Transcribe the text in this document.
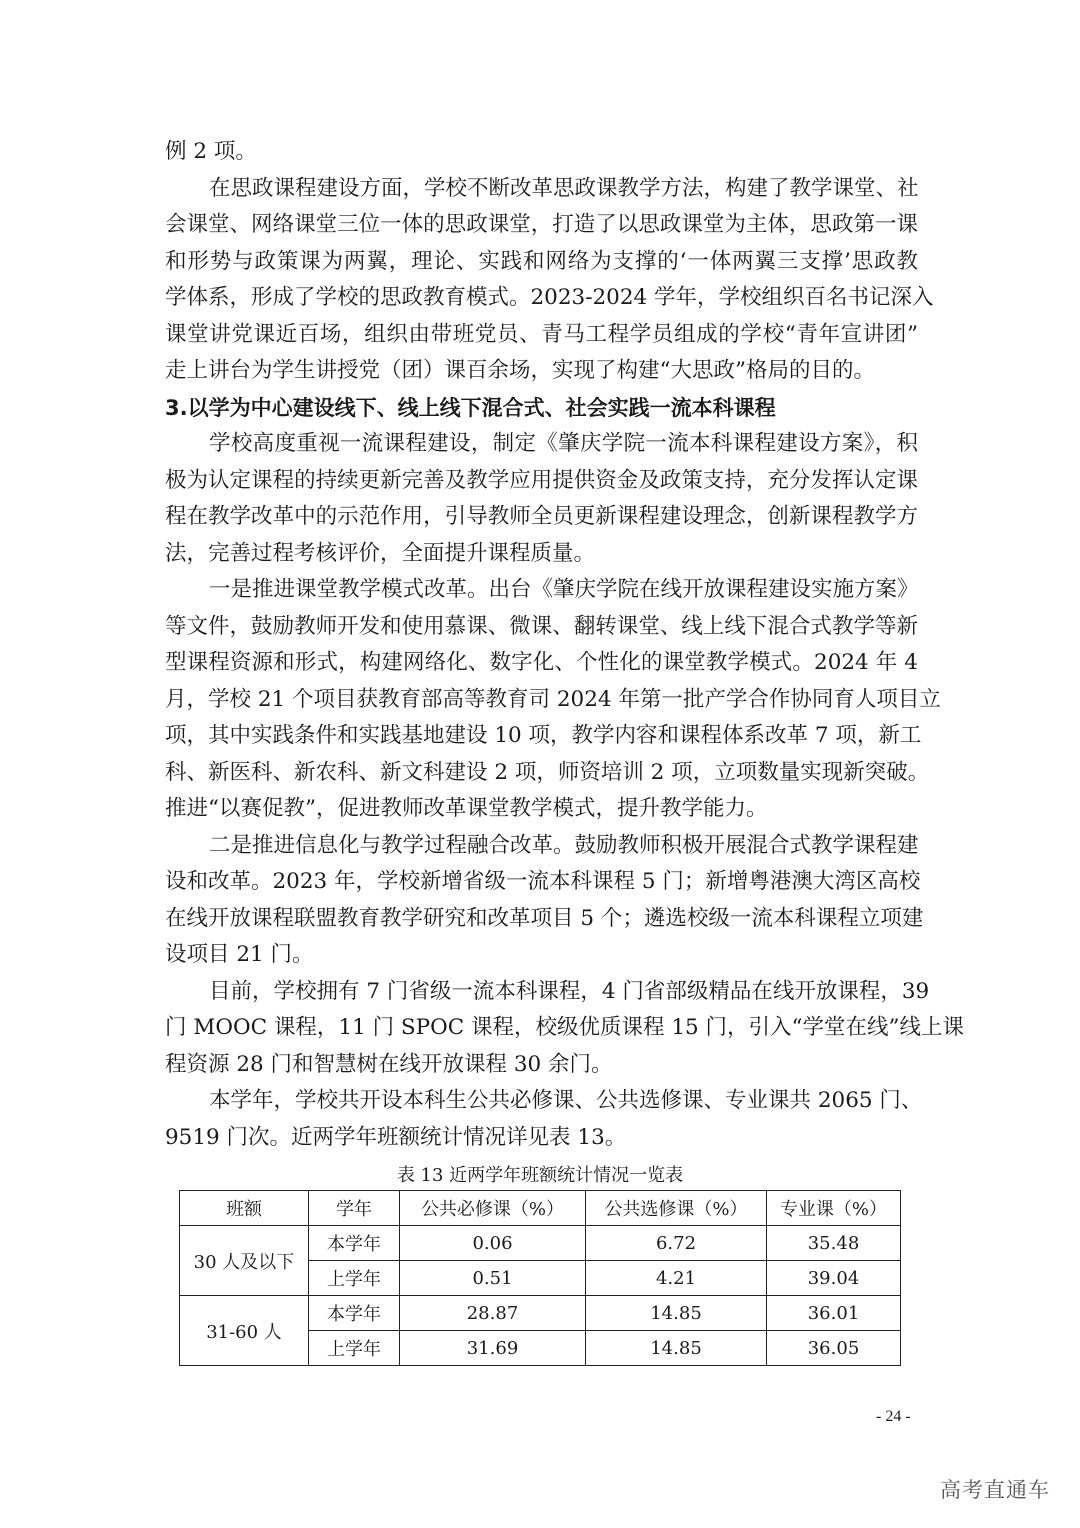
例 2 项。
在思政课程建设方面，学校不断改革思政课教学方法，构建了教学课堂、社
会课堂、网络课堂三位一体的思政课堂，打造了以思政课堂为主体，思政第一课
和形势与政策课为两翼，理论、实践和网络为支撑的‘一体两翼三支撑’思政教
学体系，形成了学校的思政教育模式。2023-2024 学年，学校组织百名书记深入
课堂讲党课近百场，组织由带班党员、青马工程学员组成的学校“青年宣讲团”
走上讲台为学生讲授党（团）课百余场，实现了构建“大思政”格局的目的。
3.以学为中心建设线下、线上线下混合式、社会实践一流本科课程
学校高度重视一流课程建设，制定《肇庆学院一流本科课程建设方案》，积
极为认定课程的持续更新完善及教学应用提供资金及政策支持，充分发挥认定课
程在教学改革中的示范作用，引导教师全员更新课程建设理念，创新课程教学方
法，完善过程考核评价，全面提升课程质量。
一是推进课堂教学模式改革。出台《肇庆学院在线开放课程建设实施方案》
等文件，鼓励教师开发和使用慕课、微课、翻转课堂、线上线下混合式教学等新
型课程资源和形式，构建网络化、数字化、个性化的课堂教学模式。2024 年 4
月，学校 21 个项目获教育部高等教育司 2024 年第一批产学合作协同育人项目立
项，其中实践条件和实践基地建设 10 项，教学内容和课程体系改革 7 项，新工
科、新医科、新农科、新文科建设 2 项，师资培训 2 项，立项数量实现新突破。
推进“以赛促教”，促进教师改革课堂教学模式，提升教学能力。
二是推进信息化与教学过程融合改革。鼓励教师积极开展混合式教学课程建
设和改革。2023 年，学校新增省级一流本科课程 5 门；新增粤港澳大湾区高校
在线开放课程联盟教育教学研究和改革项目 5 个；遴选校级一流本科课程立项建
设项目 21 门。
目前，学校拥有 7 门省级一流本科课程，4 门省部级精品在线开放课程，39
门 MOOC 课程，11 门 SPOC 课程，校级优质课程 15 门，引入“学堂在线”线上课
程资源 28 门和智慧树在线开放课程 30 余门。
本学年，学校共开设本科生公共必修课、公共选修课、专业课共 2065 门、
9519 门次。近两学年班额统计情况详见表 13。
表 13 近两学年班额统计情况一览表
班额	学年	公共必修课（%）	公共选修课（%）	专业课（%）
30 人及以下	本学年	0.06	6.72	35.48
	上学年	0.51	4.21	39.04
31-60 人	本学年	28.87	14.85	36.01
	上学年	31.69	14.85	36.05
- 24 -
高考直通车
